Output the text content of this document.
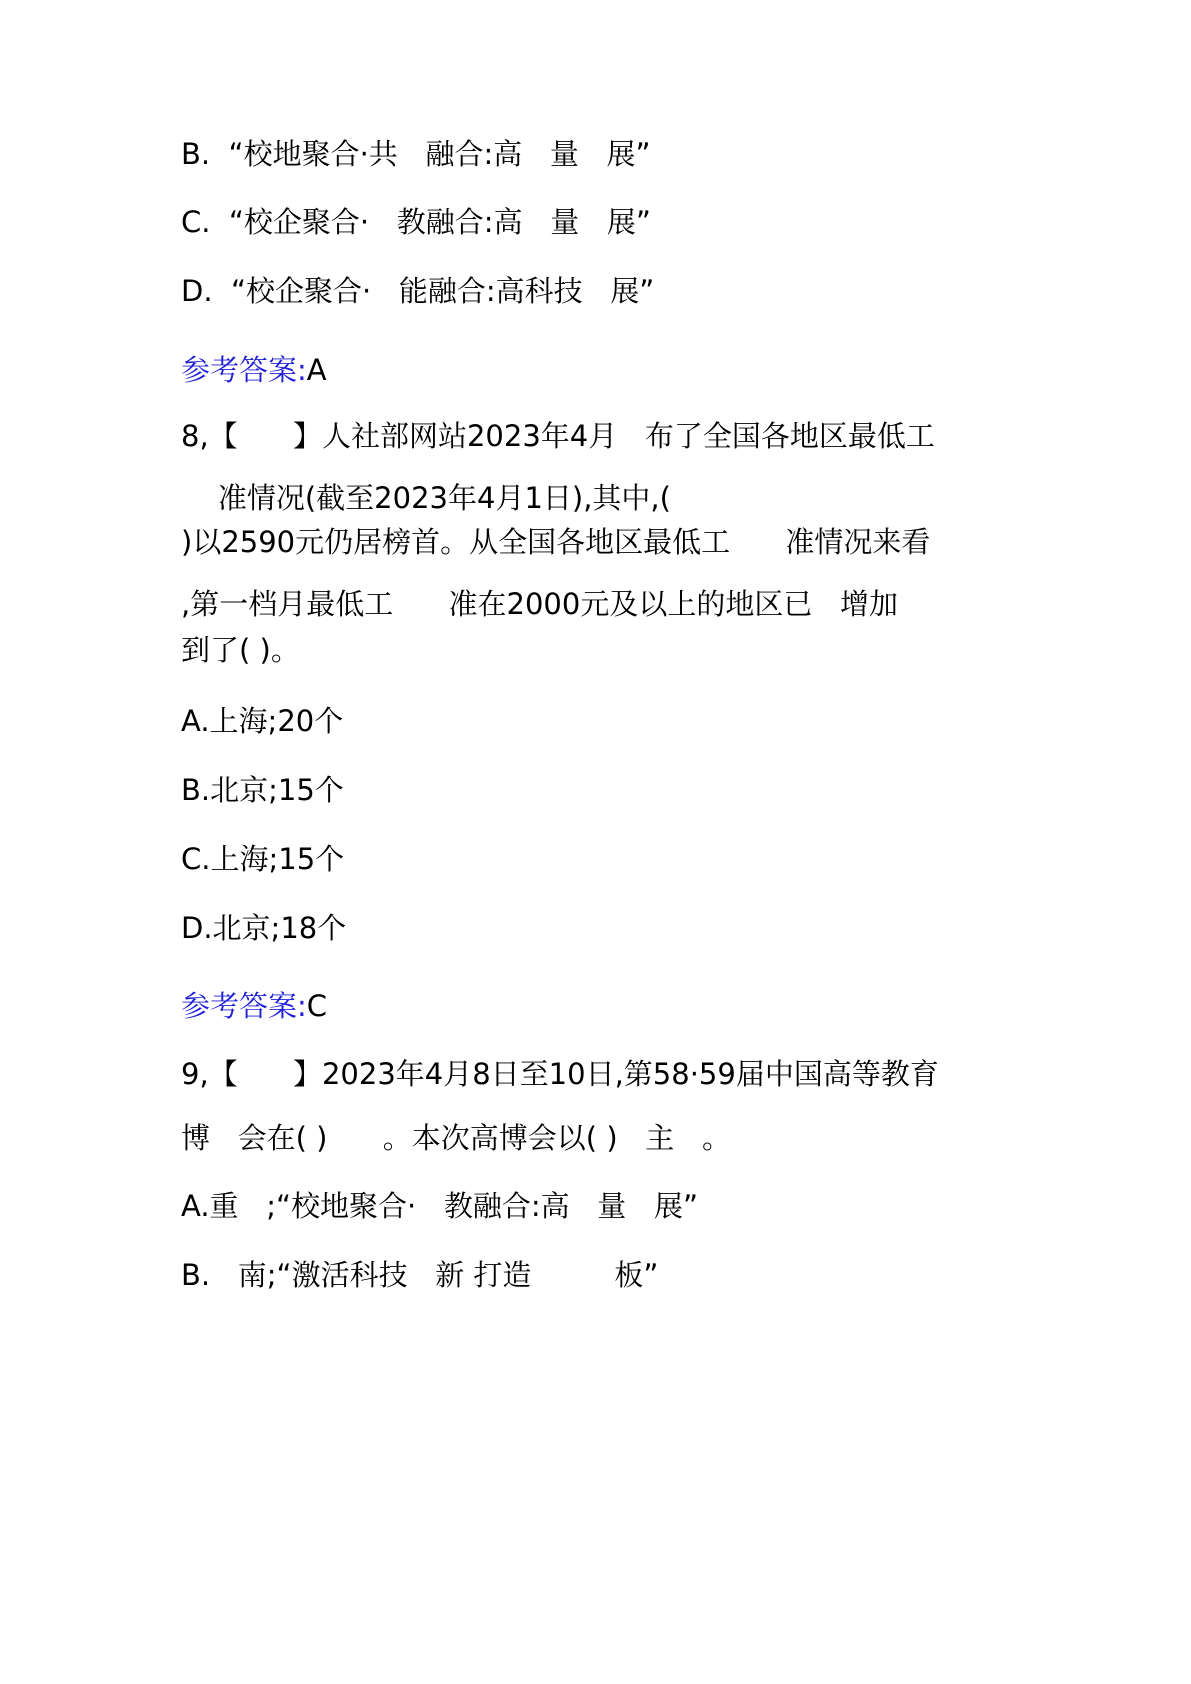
B.  “校地聚合·共   融合:高   量   展”
C.  “校企聚合·   教融合:高   量   展”
D.  “校企聚合·   能融合:高科技   展”
参考答案:A
8,【      】人社部网站2023年4月   布了全国各地区最低工
准情况(截至2023年4月1日),其中,(
)以2590元仍居榜首。从全国各地区最低工      准情况来看
,第一档月最低工      准在2000元及以上的地区已   增加
到了( )。
A.上海;20个
B.北京;15个
C.上海;15个
D.北京;18个
参考答案:C
9,【      】2023年4月8日至10日,第58·59届中国高等教育
博   会在( )      。本次高博会以( )   主   。
A.重   ;“校地聚合·   教融合:高   量   展”
B.   南;“激活科技   新 打造         板”
